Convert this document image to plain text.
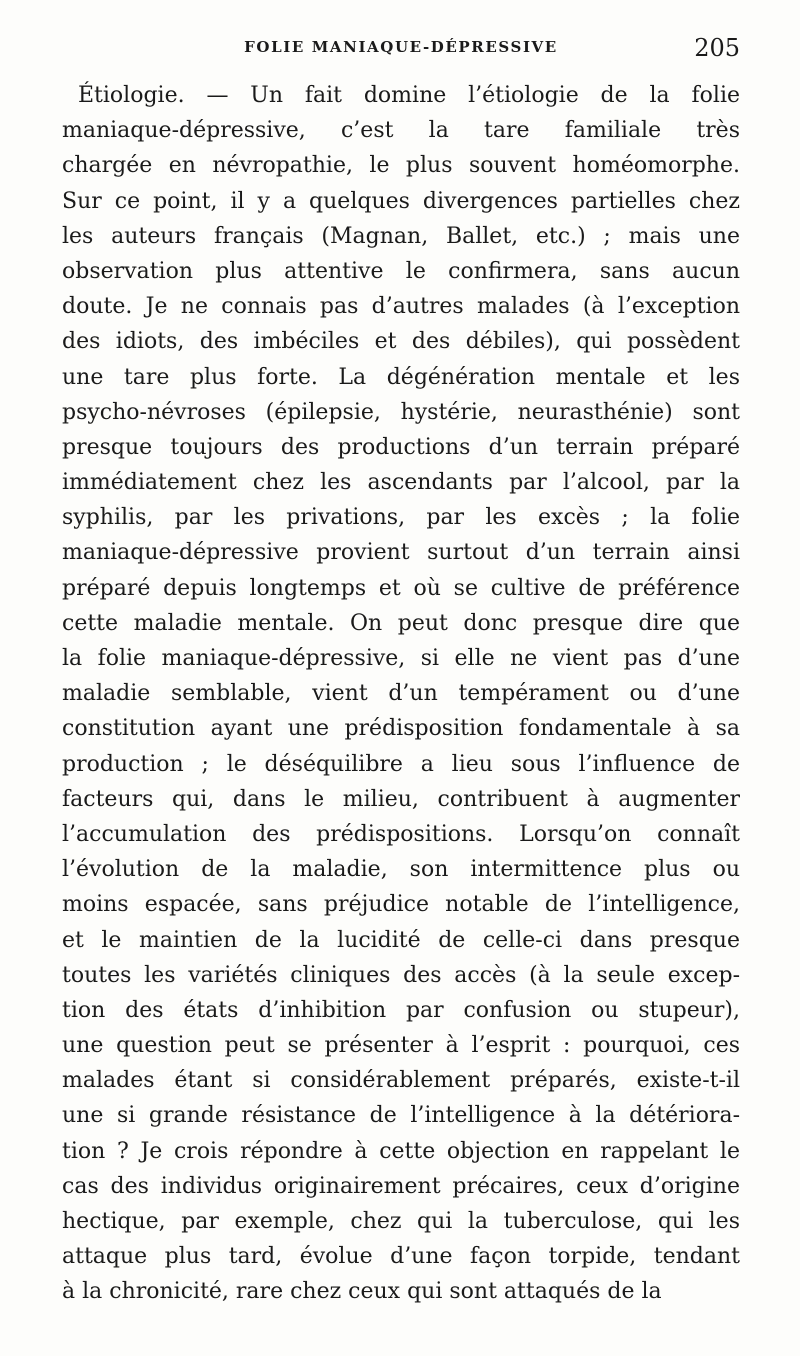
FOLIE MANIAQUE-DÉPRESSIVE	205
Étiologie. — Un fait domine l’étiologie de la folie
maniaque-dépressive, c’est la tare familiale très
chargée en névropathie, le plus souvent homéomorphe.
Sur ce point, il y a quelques divergences partielles chez
les auteurs français (Magnan, Ballet, etc.) ; mais une
observation plus attentive le confirmera, sans aucun
doute. Je ne connais pas d’autres malades (à l’exception
des idiots, des imbéciles et des débiles), qui possèdent
une tare plus forte. La dégénération mentale et les
psycho-névroses (épilepsie, hystérie, neurasthénie) sont
presque toujours des productions d’un terrain préparé
immédiatement chez les ascendants par l’alcool, par la
syphilis, par les privations, par les excès ; la folie
maniaque-dépressive provient surtout d’un terrain ainsi
préparé depuis longtemps et où se cultive de préférence
cette maladie mentale. On peut donc presque dire que
la folie maniaque-dépressive, si elle ne vient pas d’une
maladie semblable, vient d’un tempérament ou d’une
constitution ayant une prédisposition fondamentale à sa
production ; le déséquilibre a lieu sous l’influence de
facteurs qui, dans le milieu, contribuent à augmenter
l’accumulation des prédispositions. Lorsqu’on connaît
l’évolution de la maladie, son intermittence plus ou
moins espacée, sans préjudice notable de l’intelligence,
et le maintien de la lucidité de celle-ci dans presque
toutes les variétés cliniques des accès (à la seule excep-
tion des états d’inhibition par confusion ou stupeur),
une question peut se présenter à l’esprit : pourquoi, ces
malades étant si considérablement préparés, existe-t-il
une si grande résistance de l’intelligence à la détériora-
tion ? Je crois répondre à cette objection en rappelant le
cas des individus originairement précaires, ceux d’origine
hectique, par exemple, chez qui la tuberculose, qui les
attaque plus tard, évolue d’une façon torpide, tendant
à la chronicité, rare chez ceux qui sont attaqués de la
